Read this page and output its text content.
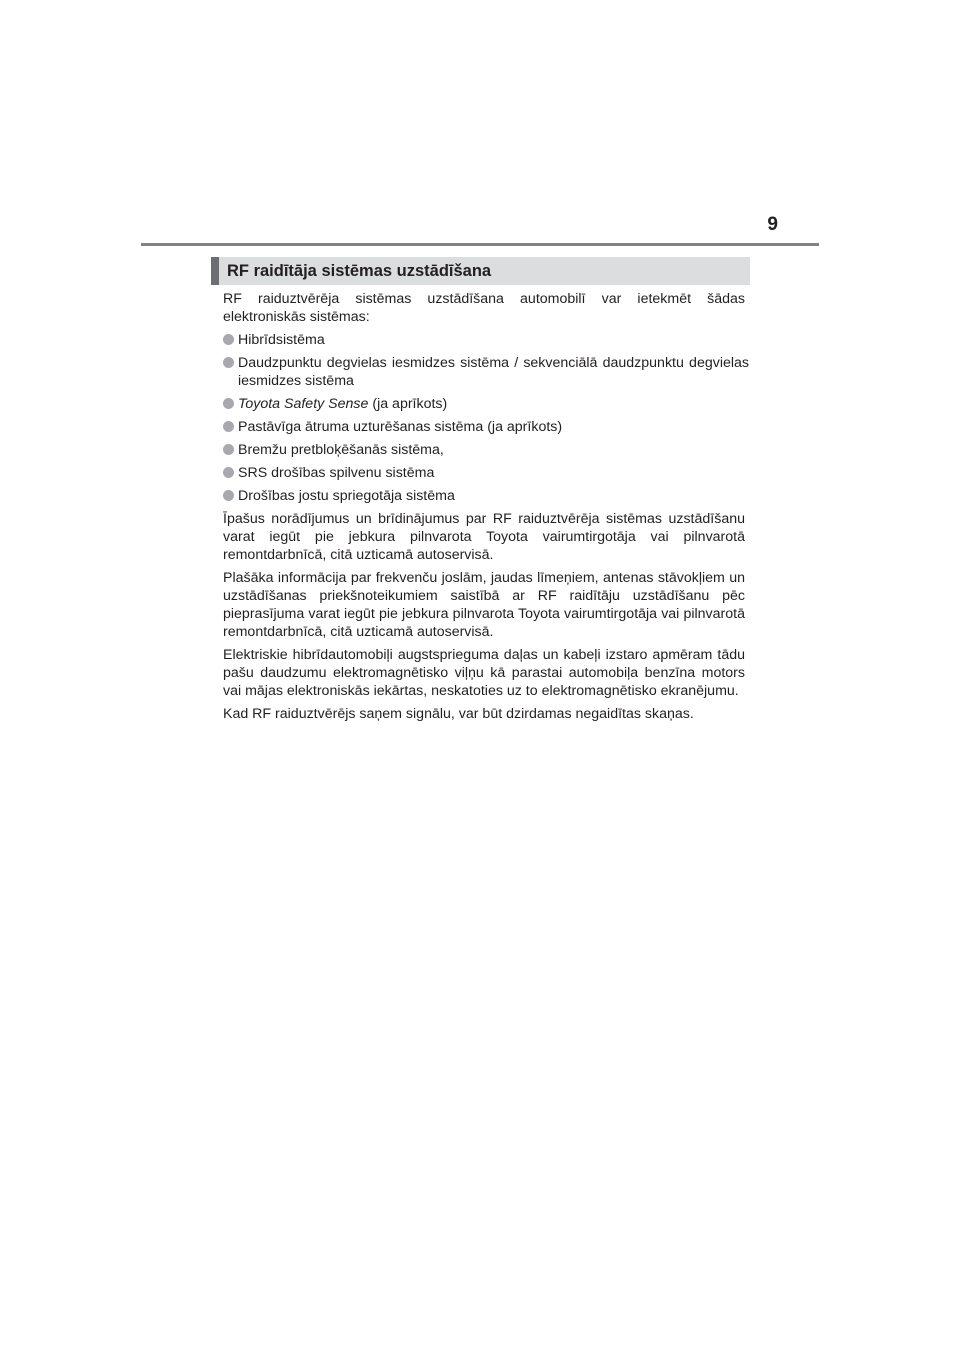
9
RF raidītāja sistēmas uzstādīšana

RF raiduztvērēja sistēmas uzstādīšana automobilī var ietekmēt šādas elektroniskās sistēmas:

Hibrīdsistēma
Daudzpunktu degvielas iesmidzes sistēma / sekvenciālā daudzpunktu degvielas iesmidzes sistēma
Toyota Safety Sense (ja aprīkots)
Pastāvīga ātruma uzturēšanas sistēma (ja aprīkots)
Bremžu pretbloķēšanās sistēma,
SRS drošības spilvenu sistēma
Drošības jostu spriegotāja sistēma

Īpašus norādījumus un brīdinājumus par RF raiduztvērēja sistēmas uzstādīšanu varat iegūt pie jebkura pilnvarota Toyota vairumtirgotāja vai pilnvarotā remontdarbnīcā, citā uzticamā autoservisā.

Plašāka informācija par frekvenču joslām, jaudas līmeņiem, antenas stāvokļiem un uzstādīšanas priekšnoteikumiem saistībā ar RF raidītāju uzstādīšanu pēc pieprasījuma varat iegūt pie jebkura pilnvarota Toyota vairumtirgotāja vai pilnvarotā remontdarbnīcā, citā uzticamā autoservisā.

Elektriskie hibrīdautomobiļi augstsprieguma daļas un kabeļi izstaro apmēram tādu pašu daudzumu elektromagnētisko viļņu kā parastai automobiļa benzīna motors vai mājas elektroniskās iekārtas, neskatoties uz to elektromagnētisko ekranējumu.

Kad RF raiduztvērējs saņem signālu, var būt dzirdamas negaidītas skaņas.
